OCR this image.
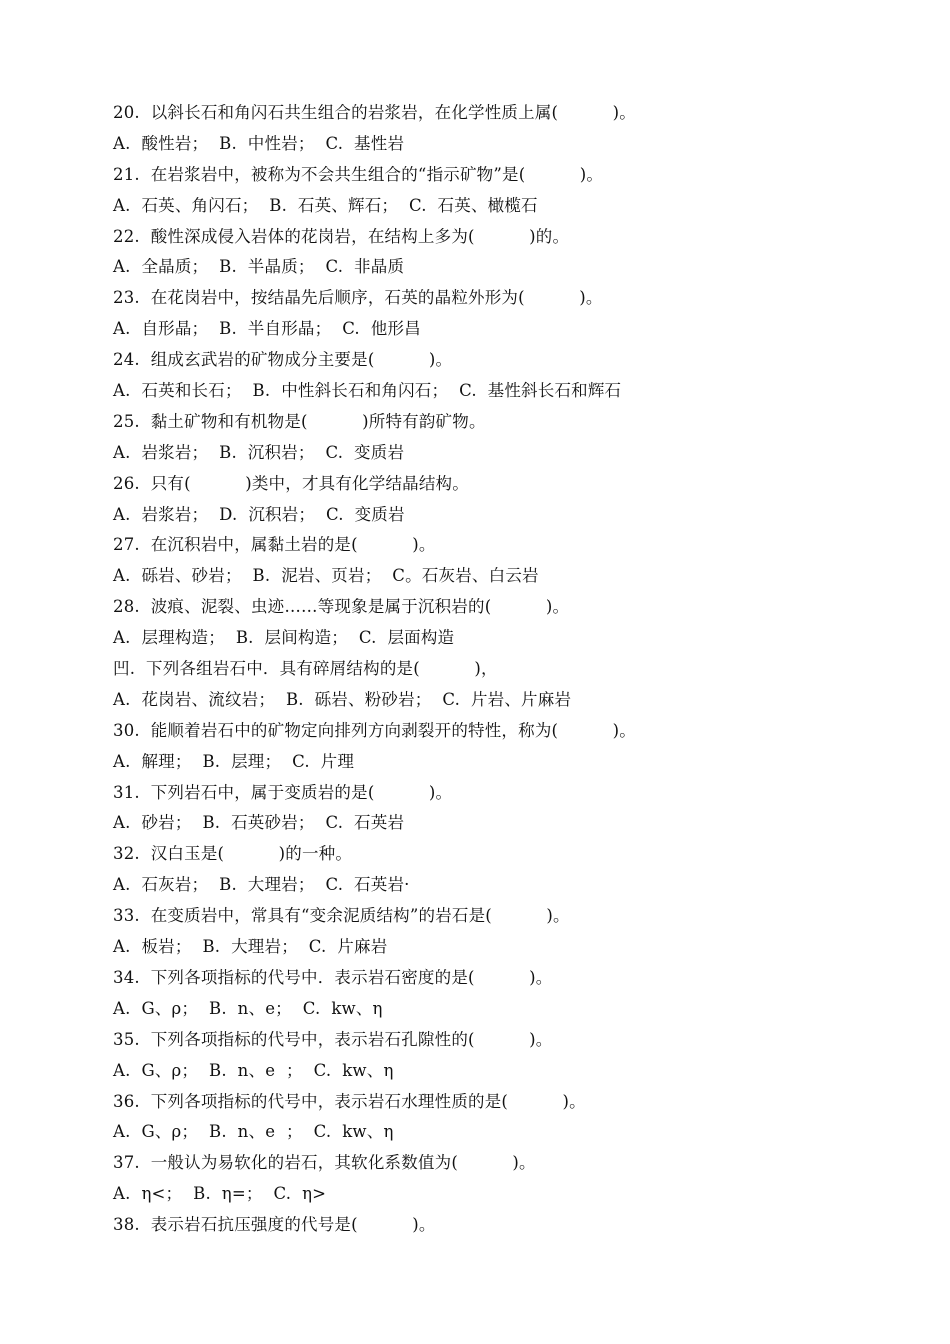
20.  以斜长石和角闪石共生组合的岩浆岩，在化学性质上属(          )。
A.  酸性岩；  B.  中性岩；  C.  基性岩
21.  在岩浆岩中，被称为不会共生组合的“指示矿物”是(          )。
A.  石英、角闪石；  B.  石英、辉石；  C.  石英、橄榄石
22.  酸性深成侵入岩体的花岗岩，在结构上多为(          )的。
A.  全晶质；  B.  半晶质；  C.  非晶质
23.  在花岗岩中，按结晶先后顺序，石英的晶粒外形为(          )。
A.  自形晶；  B.  半自形晶；  C.  他形昌
24.  组成玄武岩的矿物成分主要是(          )。
A.  石英和长石；  B.  中性斜长石和角闪石；  C.  基性斜长石和辉石
25.  黏土矿物和有机物是(          )所特有韵矿物。
A.  岩浆岩；  B.  沉积岩；  C.  变质岩
26.  只有(          )类中，才具有化学结晶结构。
A.  岩浆岩；  D.  沉积岩；  C.  变质岩
27.  在沉积岩中，属黏土岩的是(          )。
A.  砾岩、砂岩；  B.  泥岩、页岩；  C。石灰岩、白云岩
28.  波痕、泥裂、虫迹……等现象是属于沉积岩的(          )。
A.  层理构造；  B.  层间构造；  C.  层面构造
凹.  下列各组岩石中．具有碎屑结构的是(          )，
A.  花岗岩、流纹岩；  B.  砾岩、粉砂岩；  C.  片岩、片麻岩
30.  能顺着岩石中的矿物定向排列方向剥裂开的特性，称为(          )。
A.  解理；  B.  层理；  C.  片理
31.  下列岩石中，属于变质岩的是(          )。
A.  砂岩；  B.  石英砂岩；  C.  石英岩
32.  汉白玉是(          )的一种。
A.  石灰岩；  B.  大理岩；  C.  石英岩·
33.  在变质岩中，常具有“变余泥质结构”的岩石是(          )。
A.  板岩；  B.  大理岩；  C.  片麻岩
34.  下列各项指标的代号中．表示岩石密度的是(          )。
A.  G、ρ；  B.  n、e；  C.  kw、η
35.  下列各项指标的代号中，表示岩石孔隙性的(          )。
A.  G、ρ；  B.  n、e  ；  C.  kw、η
36.  下列各项指标的代号中，表示岩石水理性质的是(          )。
A.  G、ρ；  B.  n、e  ；  C.  kw、η
37.  一般认为易软化的岩石，其软化系数值为(          )。
A.  η<；  B.  η=；  C.  η>
38.  表示岩石抗压强度的代号是(          )。
